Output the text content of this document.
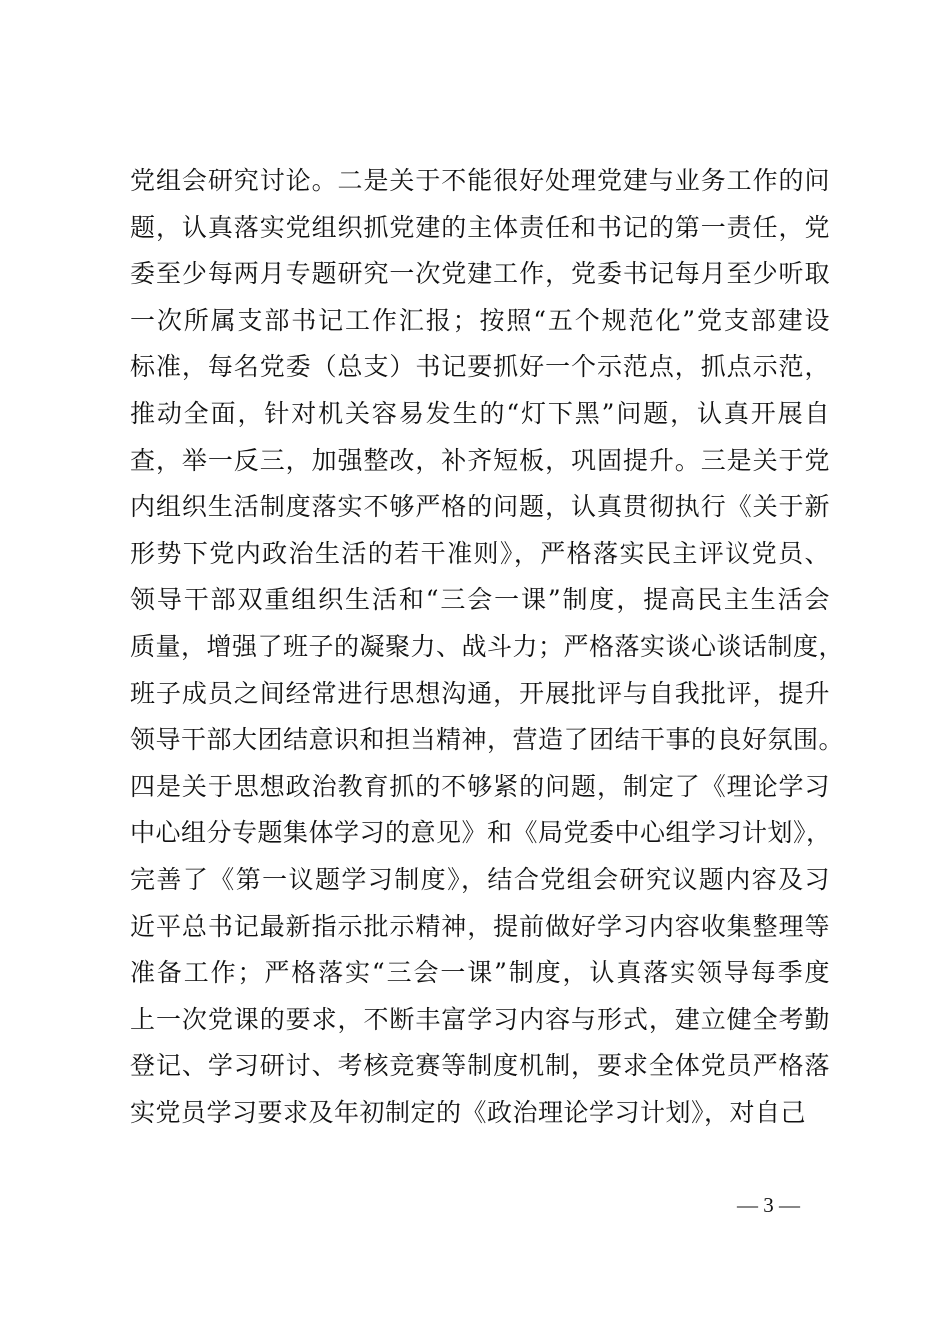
党组会研究讨论。二是关于不能很好处理党建与业务工作的问
题，认真落实党组织抓党建的主体责任和书记的第一责任，党
委至少每两月专题研究一次党建工作，党委书记每月至少听取
一次所属支部书记工作汇报；按照“五个规范化”党支部建设
标准，每名党委（总支）书记要抓好一个示范点，抓点示范，
推动全面，针对机关容易发生的“灯下黑”问题，认真开展自
查，举一反三，加强整改，补齐短板，巩固提升。三是关于党
内组织生活制度落实不够严格的问题，认真贯彻执行《关于新
形势下党内政治生活的若干准则》，严格落实民主评议党员、
领导干部双重组织生活和“三会一课”制度，提高民主生活会
质量，增强了班子的凝聚力、战斗力；严格落实谈心谈话制度，
班子成员之间经常进行思想沟通，开展批评与自我批评，提升
领导干部大团结意识和担当精神，营造了团结干事的良好氛围。
四是关于思想政治教育抓的不够紧的问题，制定了《理论学习
中心组分专题集体学习的意见》和《局党委中心组学习计划》，
完善了《第一议题学习制度》，结合党组会研究议题内容及习
近平总书记最新指示批示精神，提前做好学习内容收集整理等
准备工作；严格落实“三会一课”制度，认真落实领导每季度
上一次党课的要求，不断丰富学习内容与形式，建立健全考勤
登记、学习研讨、考核竞赛等制度机制，要求全体党员严格落
实党员学习要求及年初制定的《政治理论学习计划》，对自己
— 3 —
